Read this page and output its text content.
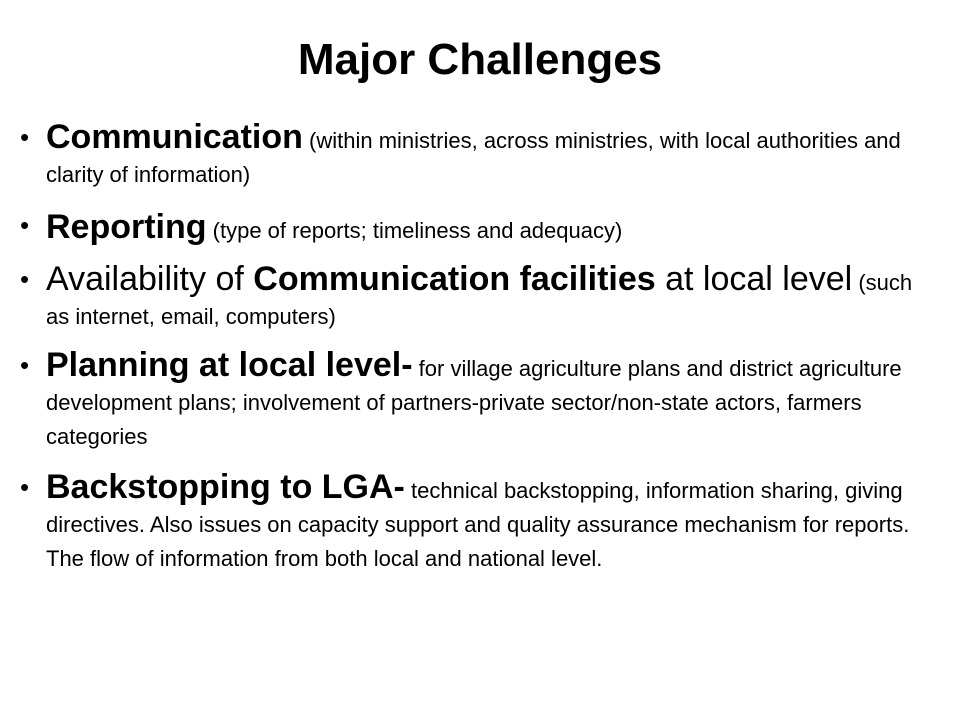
Major Challenges
• Communication (within ministries, across ministries, with local authorities and clarity of information)
• Reporting (type of reports; timeliness and adequacy)
• Availability of Communication facilities at local level (such as internet, email, computers)
• Planning at local level- for village agriculture plans and district agriculture development plans; involvement of partners-private sector/non-state actors, farmers categories
• Backstopping to LGA- technical backstopping, information sharing, giving directives. Also issues on capacity support and quality assurance mechanism for reports. The flow of information from both local and national level.
